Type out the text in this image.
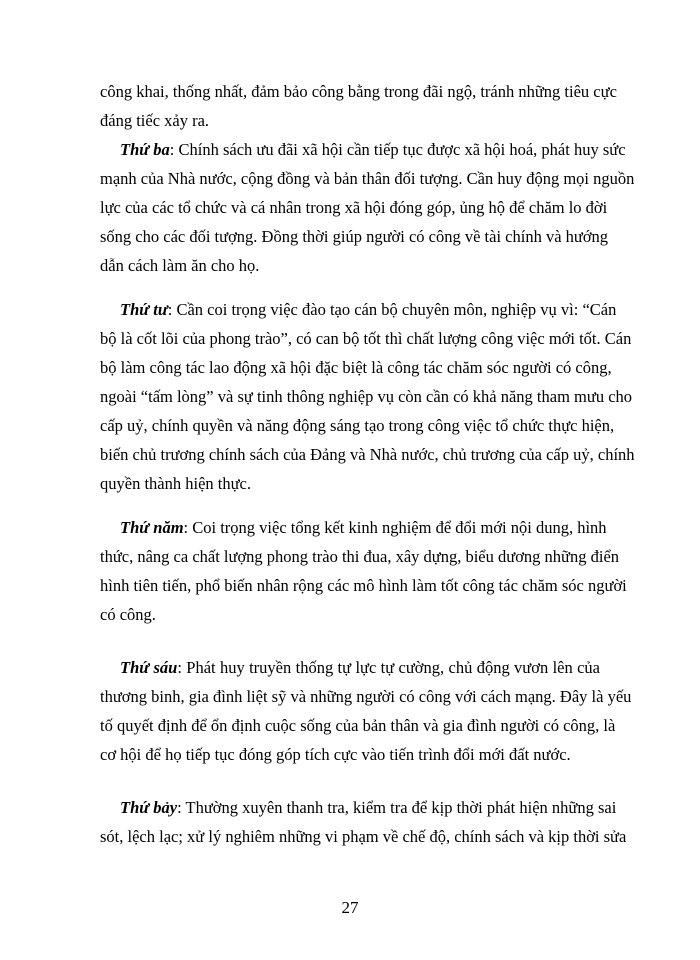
công khai, thống nhất, đảm bảo công bằng trong đãi ngộ, tránh những tiêu cực
đáng tiếc xảy ra.
Thứ ba: Chính sách ưu đãi xã hội cần tiếp tục được xã hội hoá, phát huy sức
mạnh của Nhà nước, cộng đồng và bản thân đối tượng. Cần huy động mọi nguồn
lực của các tổ chức và cá nhân trong xã hội đóng góp, ủng hộ để chăm lo đời
sống cho các đối tượng. Đồng thời giúp người có công về tài chính và hướng
dẫn cách làm ăn cho họ.
Thứ tư: Cần coi trọng việc đào tạo cán bộ chuyên môn, nghiệp vụ vì: “Cán
bộ là cốt lõi của phong trào”, có can bộ tốt thì chất lượng công việc mới tốt. Cán
bộ làm công tác lao động xã hội đặc biệt là công tác chăm sóc người có công,
ngoài “tấm lòng” và sự tinh thông nghiệp vụ còn cần có khả năng tham mưu cho
cấp uỷ, chính quyền và năng động sáng tạo trong công việc tổ chức thực hiện,
biến chủ trương chính sách của Đảng và Nhà nước, chủ trương của cấp uỷ, chính
quyền thành hiện thực.
Thứ năm: Coi trọng việc tổng kết kinh nghiệm để đổi mới nội dung, hình
thức, nâng ca chất lượng phong trào thi đua, xây dựng, biểu dương những điển
hình tiên tiến, phổ biến nhân rộng các mô hình làm tốt công tác chăm sóc người
có công.
Thứ sáu: Phát huy truyền thống tự lực tự cường, chủ động vươn lên của
thương binh, gia đình liệt sỹ và những người có công với cách mạng. Đây là yếu
tố quyết định để ổn định cuộc sống của bản thân và gia đình người có công, là
cơ hội để họ tiếp tục đóng góp tích cực vào tiến trình đổi mới đất nước.
Thứ bảy: Thường xuyên thanh tra, kiểm tra để kịp thời phát hiện những sai
sót, lệch lạc; xử lý nghiêm những vi phạm về chế độ, chính sách và kịp thời sửa
27
